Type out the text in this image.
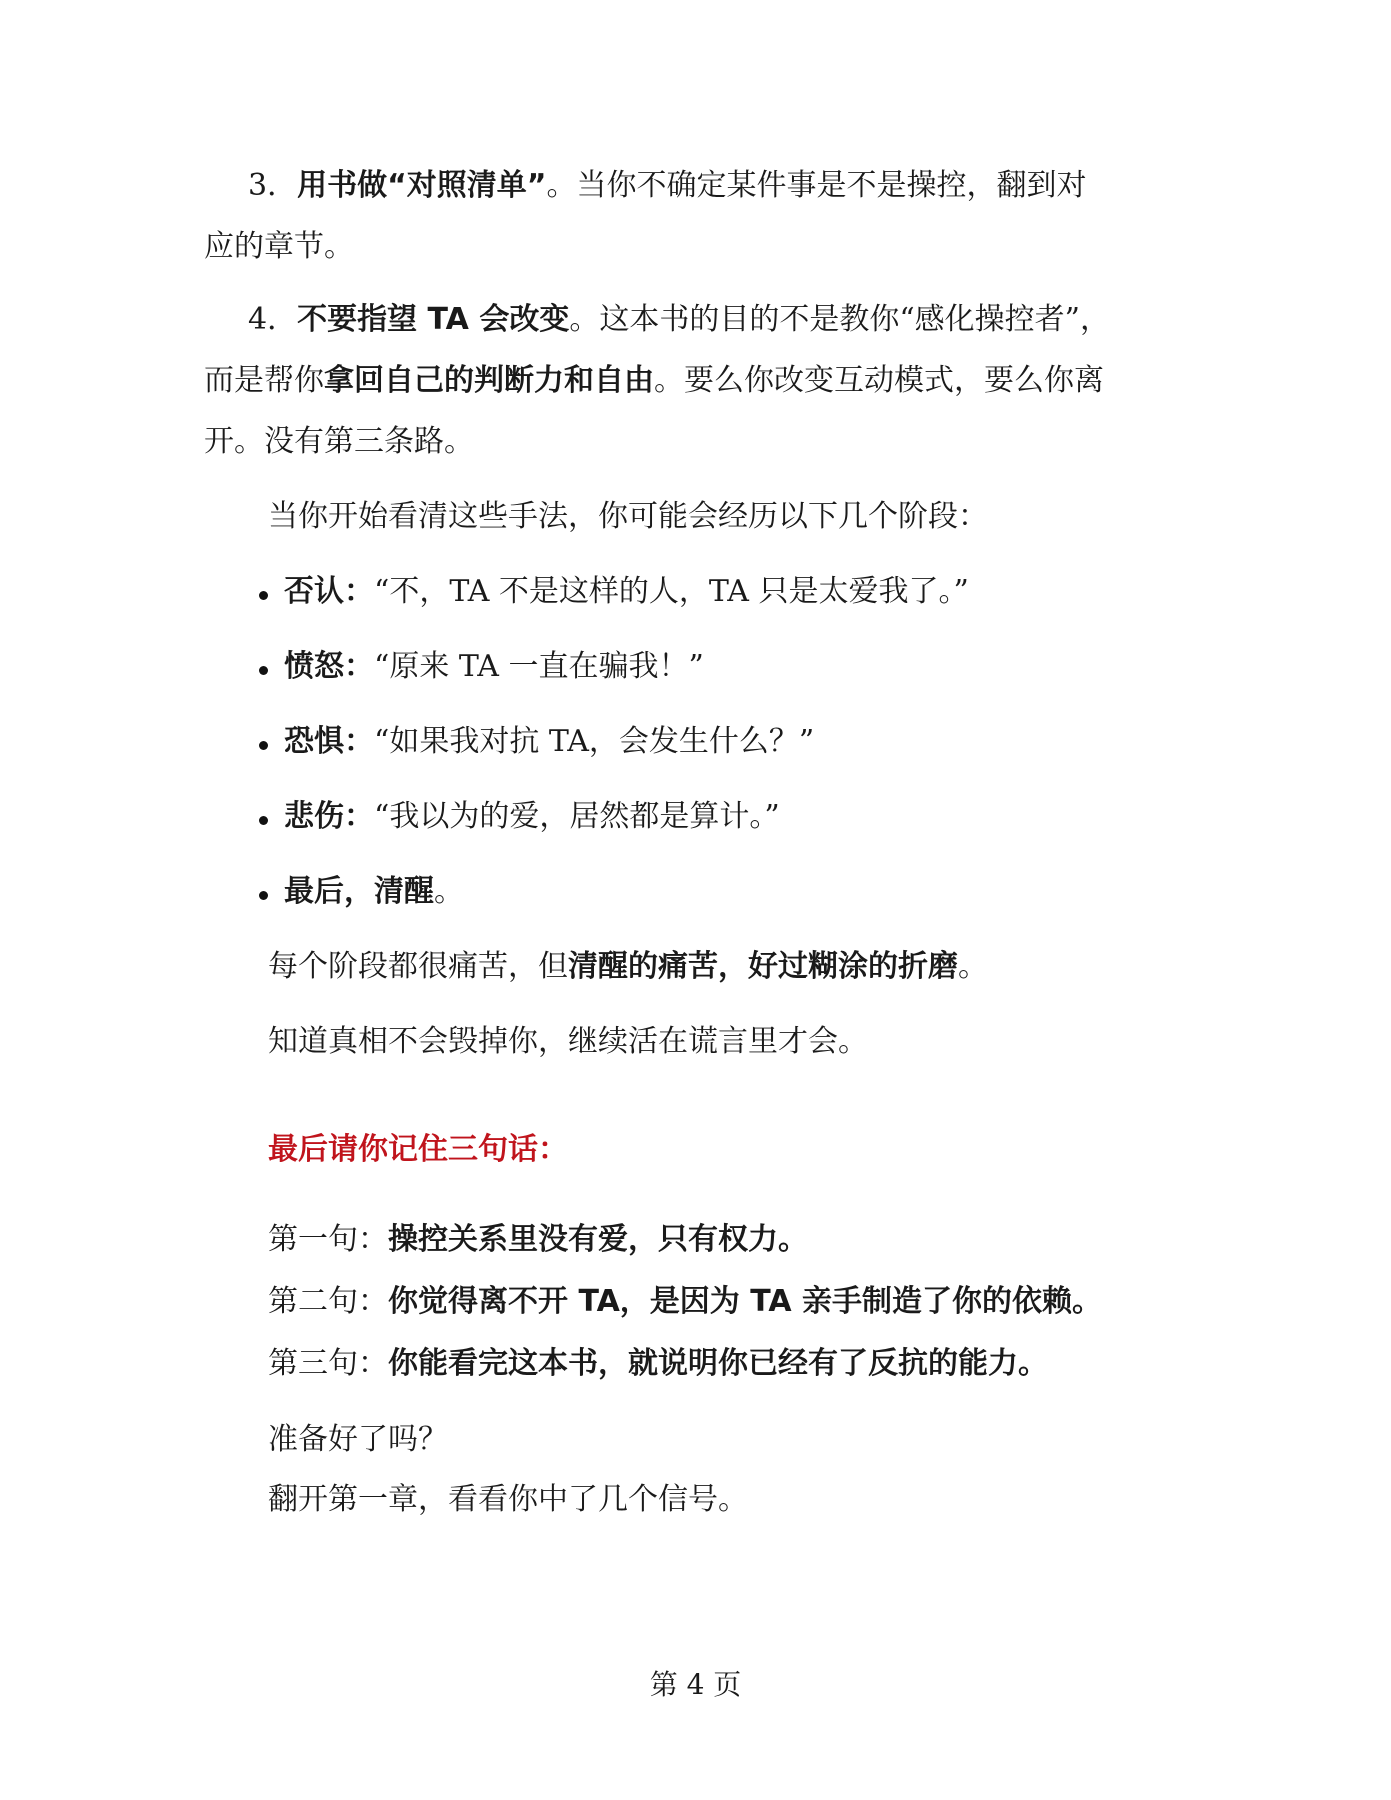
3．用书做“对照清单”。当你不确定某件事是不是操控，翻到对
应的章节。
4．不要指望 TA 会改变。这本书的目的不是教你“感化操控者”，
而是帮你拿回自己的判断力和自由。要么你改变互动模式，要么你离
开。没有第三条路。
当你开始看清这些手法，你可能会经历以下几个阶段：
否认：“不，TA 不是这样的人，TA 只是太爱我了。”
愤怒：“原来 TA 一直在骗我！”
恐惧：“如果我对抗 TA，会发生什么？”
悲伤：“我以为的爱，居然都是算计。”
最后，清醒。
每个阶段都很痛苦，但清醒的痛苦，好过糊涂的折磨。
知道真相不会毁掉你，继续活在谎言里才会。
最后请你记住三句话：
第一句：操控关系里没有爱，只有权力。
第二句：你觉得离不开 TA，是因为 TA 亲手制造了你的依赖。
第三句：你能看完这本书，就说明你已经有了反抗的能力。
准备好了吗？
翻开第一章，看看你中了几个信号。
第 4 页
